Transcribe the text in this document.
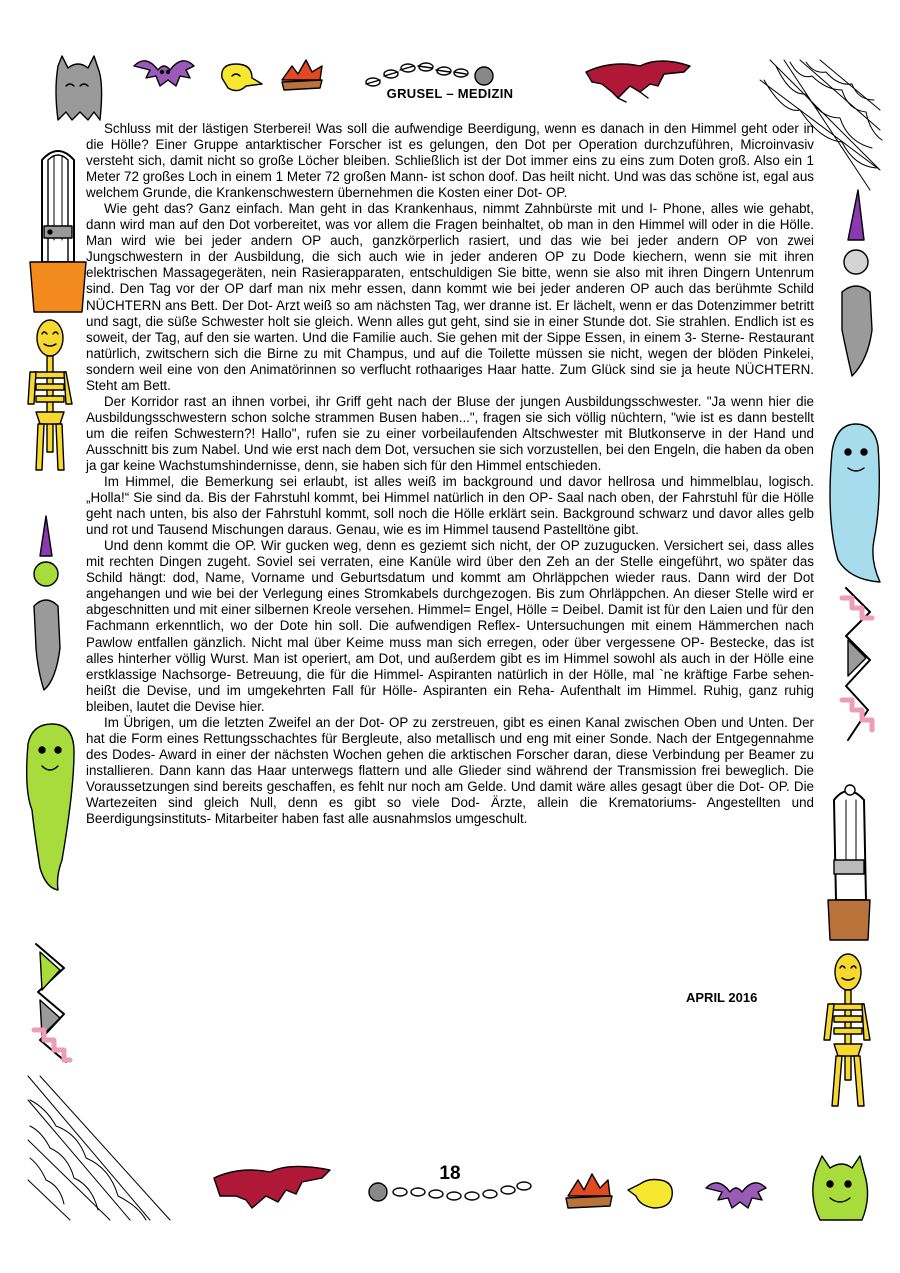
GRUSEL – MEDIZIN

Schluss mit der lästigen Sterberei! Was soll die aufwendige Beerdigung, wenn es danach in den Himmel geht oder in die Hölle? Einer Gruppe antarktischer Forscher ist es gelungen, den Dot per Operation durchzuführen, Microinvasiv versteht sich, damit nicht so große Löcher bleiben. Schließlich ist der Dot immer eins zu eins zum Doten groß. Also ein 1 Meter 72 großes Loch in einem 1 Meter 72 großen Mann- ist schon doof. Das heilt nicht. Und was das schöne ist, egal aus welchem Grunde, die Krankenschwestern übernehmen die Kosten einer Dot- OP.

Wie geht das? Ganz einfach. Man geht in das Krankenhaus, nimmt Zahnbürste mit und I- Phone, alles wie gehabt, dann wird man auf den Dot vorbereitet, was vor allem die Fragen beinhaltet, ob man in den Himmel will oder in die Hölle. Man wird wie bei jeder andern OP auch, ganzkörperlich rasiert, und das wie bei jeder andern OP von zwei Jungschwestern in der Ausbildung, die sich auch wie in jeder anderen OP zu Dode kiechern, wenn sie mit ihren elektrischen Massagegeräten, nein Rasierapparaten, entschuldigen Sie bitte, wenn sie also mit ihren Dingern Untenrum sind. Den Tag vor der OP darf man nix mehr essen, dann kommt wie bei jeder anderen OP auch das berühmte Schild NÜCHTERN ans Bett. Der Dot- Arzt weiß so am nächsten Tag, wer dranne ist. Er lächelt, wenn er das Dotenzimmer betritt und sagt, die süße Schwester holt sie gleich. Wenn alles gut geht, sind sie in einer Stunde dot. Sie strahlen. Endlich ist es soweit, der Tag, auf den sie warten. Und die Familie auch. Sie gehen mit der Sippe Essen, in einem 3- Sterne- Restaurant natürlich, zwitschern sich die Birne zu mit Champus, und auf die Toilette müssen sie nicht, wegen der blöden Pinkelei, sondern weil eine von den Animatörinnen so verflucht rothaariges Haar hatte. Zum Glück sind sie ja heute NÜCHTERN. Steht am Bett.

Der Korridor rast an ihnen vorbei, ihr Griff geht nach der Bluse der jungen Ausbildungsschwester. "Ja wenn hier die Ausbildungsschwestern schon solche strammen Busen haben...", fragen sie sich völlig nüchtern, "wie ist es dann bestellt um die reifen Schwestern?! Hallo", rufen sie zu einer vorbeilaufenden Altschwester mit Blutkonserve in der Hand und Ausschnitt bis zum Nabel. Und wie erst nach dem Dot, versuchen sie sich vorzustellen, bei den Engeln, die haben da oben ja gar keine Wachstumshindernisse, denn, sie haben sich für den Himmel entschieden.

Im Himmel, die Bemerkung sei erlaubt, ist alles weiß im background und davor hellrosa und himmelblau, logisch. „Holla!“ Sie sind da. Bis der Fahrstuhl kommt, bei Himmel natürlich in den OP- Saal nach oben, der Fahrstuhl für die Hölle geht nach unten, bis also der Fahrstuhl kommt, soll noch die Hölle erklärt sein. Background schwarz und davor alles gelb und rot und Tausend Mischungen daraus. Genau, wie es im Himmel tausend Pastelltöne gibt.

Und denn kommt die OP. Wir gucken weg, denn es geziemt sich nicht, der OP zuzugucken. Versichert sei, dass alles mit rechten Dingen zugeht. Soviel sei verraten, eine Kanüle wird über den Zeh an der Stelle eingeführt, wo später das Schild hängt: dod, Name, Vorname und Geburtsdatum und kommt am Ohrläppchen wieder raus. Dann wird der Dot angehangen und wie bei der Verlegung eines Stromkabels durchgezogen. Bis zum Ohrläppchen. An dieser Stelle wird er abgeschnitten und mit einer silbernen Kreole versehen. Himmel= Engel, Hölle = Deibel. Damit ist für den Laien und für den Fachmann erkenntlich, wo der Dote hin soll. Die aufwendigen Reflex- Untersuchungen mit einem Hämmerchen nach Pawlow entfallen gänzlich. Nicht mal über Keime muss man sich erregen, oder über vergessene OP- Bestecke, das ist alles hinterher völlig Wurst. Man ist operiert, am Dot, und außerdem gibt es im Himmel sowohl als auch in der Hölle eine erstklassige Nachsorge- Betreuung, die für die Himmel- Aspiranten natürlich in der Hölle, mal `ne kräftige Farbe sehen- heißt die Devise, und im umgekehrten Fall für Hölle- Aspiranten ein Reha- Aufenthalt im Himmel. Ruhig, ganz ruhig bleiben, lautet die Devise hier.

Im Übrigen, um die letzten Zweifel an der Dot- OP zu zerstreuen, gibt es einen Kanal zwischen Oben und Unten. Der hat die Form eines Rettungsschachtes für Bergleute, also metallisch und eng mit einer Sonde. Nach der Entgegennahme des Dodes- Award in einer der nächsten Wochen gehen die arktischen Forscher daran, diese Verbindung per Beamer zu installieren. Dann kann das Haar unterwegs flattern und alle Glieder sind während der Transmission frei beweglich. Die Voraussetzungen sind bereits geschaffen, es fehlt nur noch am Gelde. Und damit wäre alles gesagt über die Dot- OP. Die Wartezeiten sind gleich Null, denn es gibt so viele Dod- Ärzte, allein die Krematoriums- Angestellten und Beerdigungsinstituts- Mitarbeiter haben fast alle ausnahmslos umgeschult.

APRIL 2016
18
